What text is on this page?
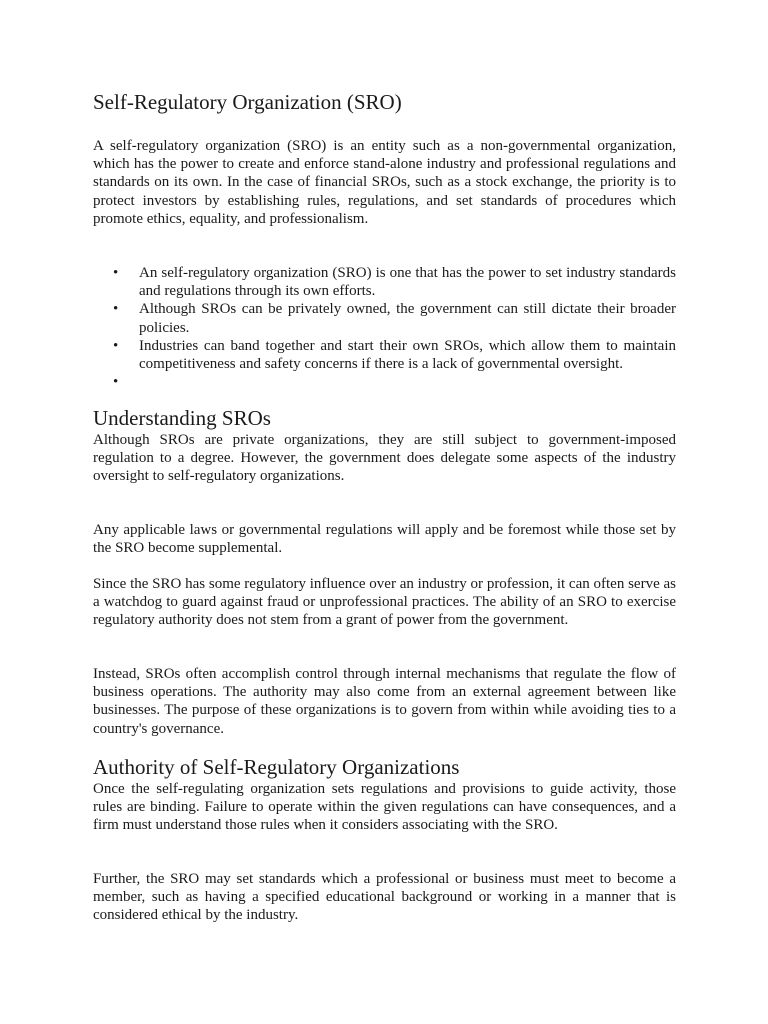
Self-Regulatory Organization (SRO)

A self-regulatory organization (SRO) is an entity such as a non-governmental organization, which has the power to create and enforce stand-alone industry and professional regulations and standards on its own. In the case of financial SROs, such as a stock exchange, the priority is to protect investors by establishing rules, regulations, and set standards of procedures which promote ethics, equality, and professionalism.

• An self-regulatory organization (SRO) is one that has the power to set industry standards and regulations through its own efforts.
• Although SROs can be privately owned, the government can still dictate their broader policies.
• Industries can band together and start their own SROs, which allow them to maintain competitiveness and safety concerns if there is a lack of governmental oversight.
•
Understanding SROs

Although SROs are private organizations, they are still subject to government-imposed regulation to a degree. However, the government does delegate some aspects of the industry oversight to self-regulatory organizations.

Any applicable laws or governmental regulations will apply and be foremost while those set by the SRO become supplemental.

Since the SRO has some regulatory influence over an industry or profession, it can often serve as a watchdog to guard against fraud or unprofessional practices. The ability of an SRO to exercise regulatory authority does not stem from a grant of power from the government.

Instead, SROs often accomplish control through internal mechanisms that regulate the flow of business operations. The authority may also come from an external agreement between like businesses. The purpose of these organizations is to govern from within while avoiding ties to a country's governance.

Authority of Self-Regulatory Organizations

Once the self-regulating organization sets regulations and provisions to guide activity, those rules are binding. Failure to operate within the given regulations can have consequences, and a firm must understand those rules when it considers associating with the SRO.

Further, the SRO may set standards which a professional or business must meet to become a member, such as having a specified educational background or working in a manner that is considered ethical by the industry.
